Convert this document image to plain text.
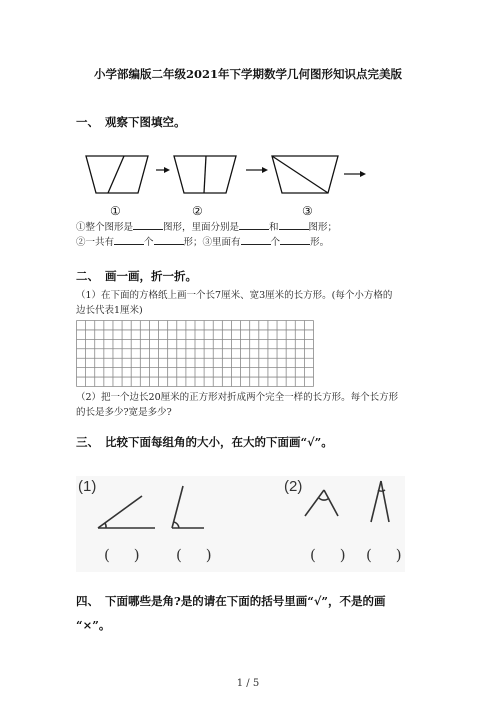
小学部编版二年级2021年下学期数学几何图形知识点完美版
一、 观察下图填空。
①	②	③
①整个图形是	图形，里面分别是	和	图形；
②一共有	个	形；③里面有	个	形。
二、 画一画，折一折。
（1）在下面的方格纸上画一个长7厘米、宽3厘米的长方形。(每个小方格的
边长代表1厘米)
（2）把一个边长20厘米的正方形对折成两个完全一样的长方形。每个长方形
的长是多少?宽是多少?
三、 比较下面每组角的大小，在大的下面画“√”。
(1)	(2)
( ) ( )	( ) ( )
四、 下面哪些是角?是的请在下面的括号里画“√”，不是的画
“×”。
1 / 5
